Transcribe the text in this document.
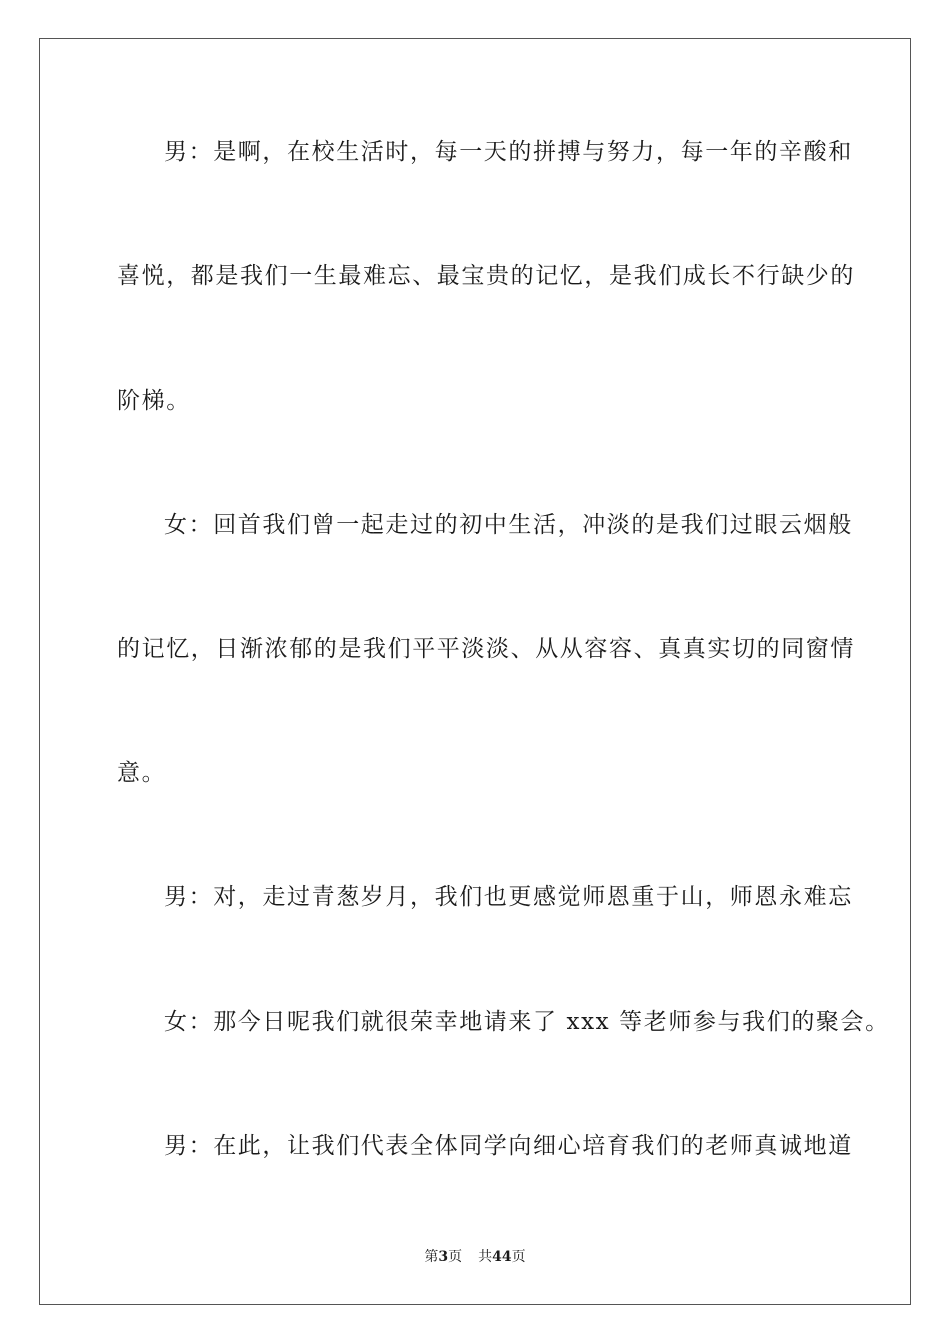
男：是啊，在校生活时，每一天的拼搏与努力，每一年的辛酸和
喜悦，都是我们一生最难忘、最宝贵的记忆，是我们成长不行缺少的
阶梯。
女：回首我们曾一起走过的初中生活，冲淡的是我们过眼云烟般
的记忆，日渐浓郁的是我们平平淡淡、从从容容、真真实切的同窗情
意。
男：对，走过青葱岁月，我们也更感觉师恩重于山，师恩永难忘
女：那今日呢我们就很荣幸地请来了 xxx 等老师参与我们的聚会。
男：在此，让我们代表全体同学向细心培育我们的老师真诚地道
第3页 共44页
